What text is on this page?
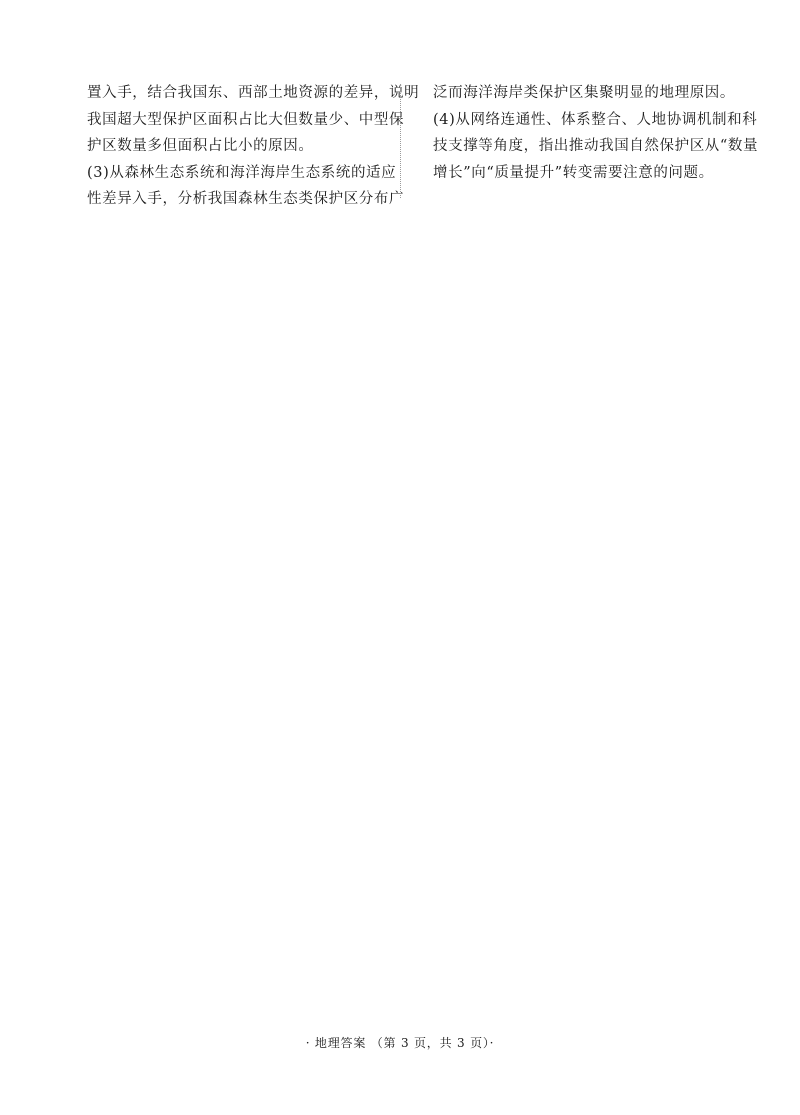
置入手，结合我国东、西部土地资源的差异，说明
我国超大型保护区面积占比大但数量少、中型保
护区数量多但面积占比小的原因。
(3)从森林生态系统和海洋海岸生态系统的适应
性差异入手，分析我国森林生态类保护区分布广
泛而海洋海岸类保护区集聚明显的地理原因。
(4)从网络连通性、体系整合、人地协调机制和科
技支撑等角度，指出推动我国自然保护区从“数量
增长”向“质量提升”转变需要注意的问题。
· 地理答案 （第 3 页，共 3 页）·
